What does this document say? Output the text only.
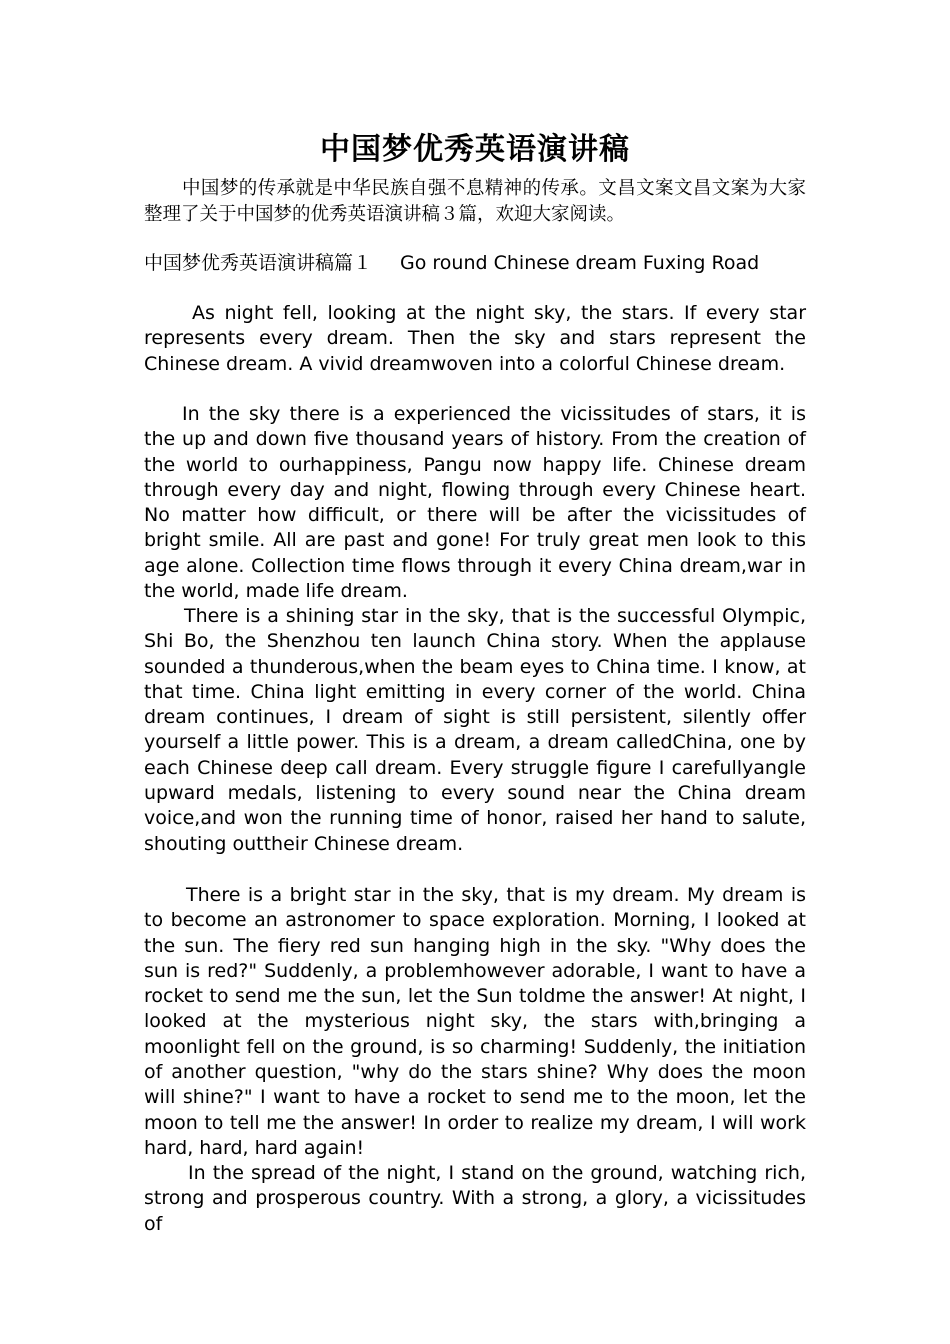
中国梦优秀英语演讲稿
中国梦的传承就是中华民族自强不息精神的传承。文昌文案文昌文案为大家整理了关于中国梦的优秀英语演讲稿３篇，欢迎大家阅读。
中国梦优秀英语演讲稿篇１ Go round Chinese dream Fuxing Road
As night fell, looking at the night sky, the stars. If every star represents every dream. Then the sky and stars represent the Chinese dream. A vivid dreamwoven into a colorful Chinese dream.
In the sky there is a experienced the vicissitudes of stars, it is the up and down five thousand years of history. From the creation of the world to ourhappiness, Pangu now happy life. Chinese dream through every day and night, flowing through every Chinese heart. No matter how difficult, or there will be after the vicissitudes of bright smile. All are past and gone! For truly great men look to this age alone. Collection time flows through it every China dream,war in the world, made life dream.
There is a shining star in the sky, that is the successful Olympic, Shi Bo, the Shenzhou ten launch China story. When the applause sounded a thunderous,when the beam eyes to China time. I know, at that time. China light emitting in every corner of the world. China dream continues, I dream of sight is still persistent, silently offer yourself a little power. This is a dream, a dream calledChina, one by each Chinese deep call dream. Every struggle figure I carefullyangle upward medals, listening to every sound near the China dream voice,and won the running time of honor, raised her hand to salute, shouting outtheir Chinese dream.
There is a bright star in the sky, that is my dream. My dream is to become an astronomer to space exploration. Morning, I looked at the sun. The fiery red sun hanging high in the sky. "Why does the sun is red?" Suddenly, a problemhowever adorable, I want to have a rocket to send me the sun, let the Sun toldme the answer! At night, I looked at the mysterious night sky, the stars with,bringing a moonlight fell on the ground, is so charming! Suddenly, the initiation of another question, "why do the stars shine? Why does the moon will shine?" I want to have a rocket to send me to the moon, let the moon to tell me the answer! In order to realize my dream, I will work hard, hard, hard again!
In the spread of the night, I stand on the ground, watching rich, strong and prosperous country. With a strong, a glory, a vicissitudes of
